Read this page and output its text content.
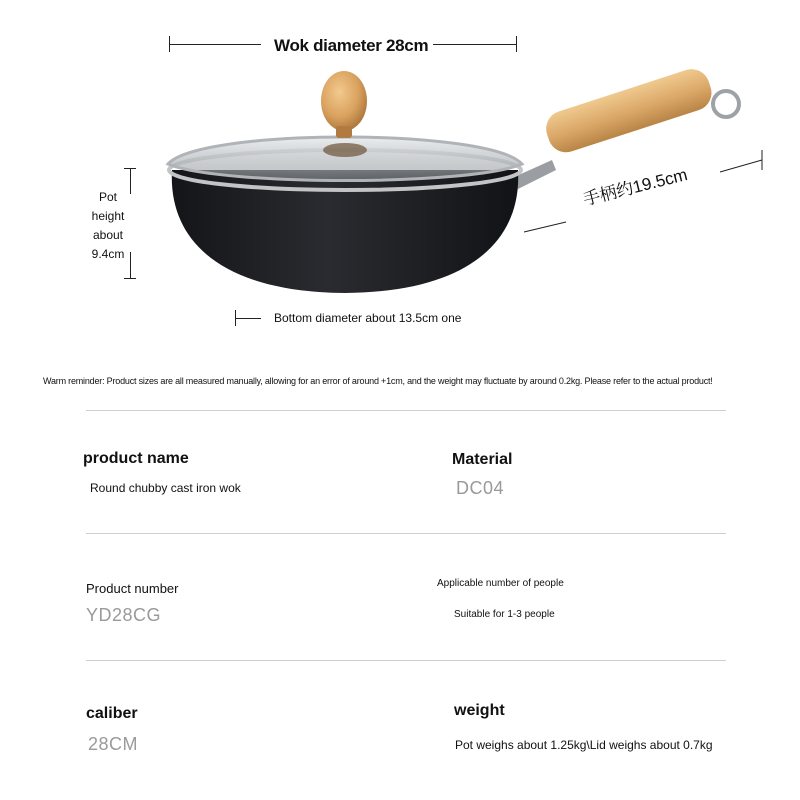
Wok diameter 28cm
Pot
height
about
9.4cm
手柄约19.5cm
Bottom diameter about 13.5cm one
Warm reminder: Product sizes are all measured manually, allowing for an error of around +1cm, and the weight may fluctuate by around 0.2kg. Please refer to the actual product!
product name
Round chubby cast iron wok
Material
DC04
Product number
YD28CG
Applicable number of people
Suitable for 1-3 people
caliber
28CM
weight
Pot weighs about 1.25kg\Lid weighs about 0.7kg
